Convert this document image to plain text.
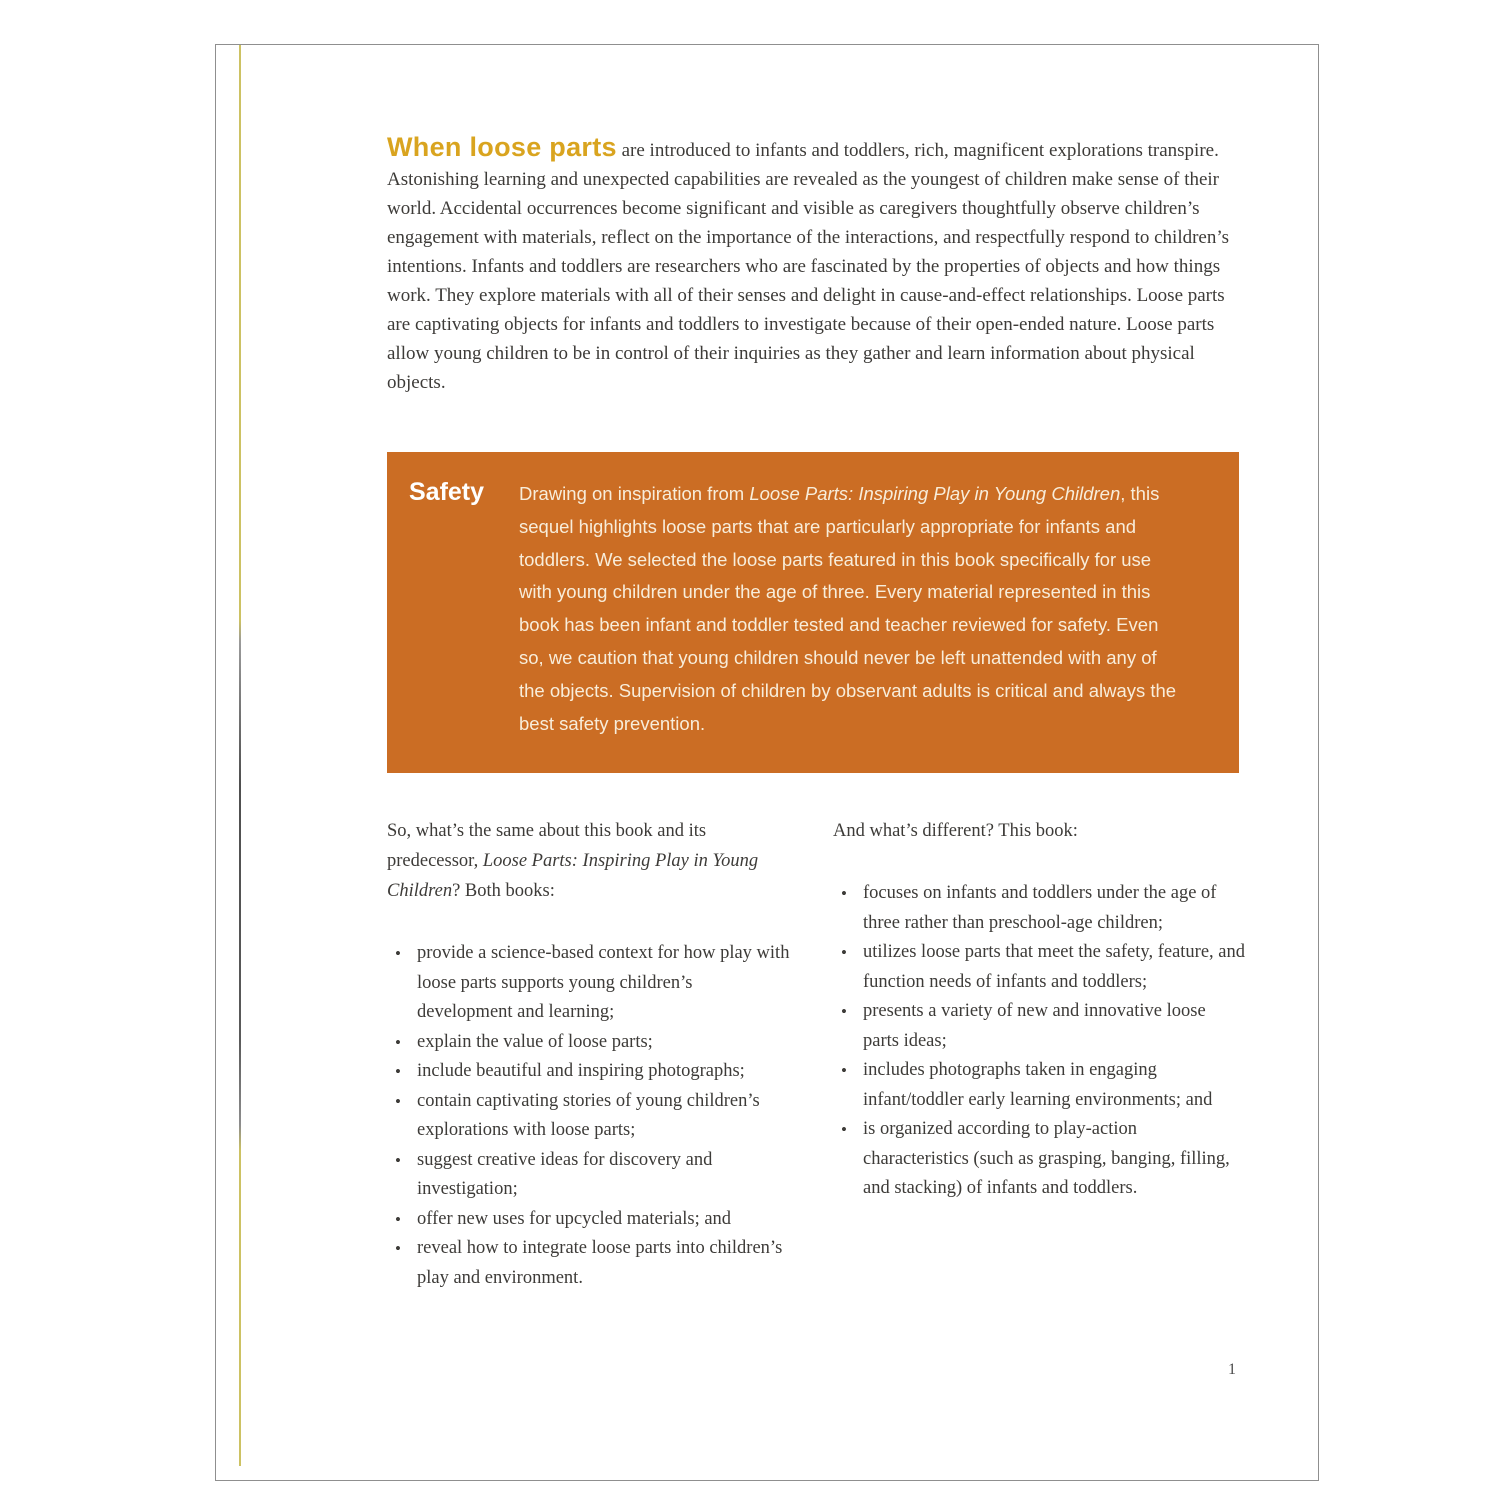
When loose parts are introduced to infants and toddlers, rich, magnificent explorations transpire. Astonishing learning and unexpected capabilities are revealed as the youngest of children make sense of their world. Accidental occurrences become significant and visible as caregivers thoughtfully observe children’s engagement with materials, reflect on the importance of the interactions, and respectfully respond to children’s intentions. Infants and toddlers are researchers who are fascinated by the properties of objects and how things work. They explore materials with all of their senses and delight in cause-and-effect relationships. Loose parts are captivating objects for infants and toddlers to investigate because of their open-ended nature. Loose parts allow young children to be in control of their inquiries as they gather and learn information about physical objects.

Safety	Drawing on inspiration from Loose Parts: Inspiring Play in Young Children, this sequel highlights loose parts that are particularly appropriate for infants and toddlers. We selected the loose parts featured in this book specifically for use with young children under the age of three. Every material represented in this book has been infant and toddler tested and teacher reviewed for safety. Even so, we caution that young children should never be left unattended with any of the objects. Supervision of children by observant adults is critical and always the best safety prevention.

So, what’s the same about this book and its predecessor, Loose Parts: Inspiring Play in Young Children? Both books:

• provide a science-based context for how play with loose parts supports young children’s development and learning;
• explain the value of loose parts;
• include beautiful and inspiring photographs;
• contain captivating stories of young children’s explorations with loose parts;
• suggest creative ideas for discovery and investigation;
• offer new uses for upcycled materials; and
• reveal how to integrate loose parts into children’s play and environment.

And what’s different? This book:

• focuses on infants and toddlers under the age of three rather than preschool-age children;
• utilizes loose parts that meet the safety, feature, and function needs of infants and toddlers;
• presents a variety of new and innovative loose parts ideas;
• includes photographs taken in engaging infant/toddler early learning environments; and
• is organized according to play-action characteristics (such as grasping, banging, filling, and stacking) of infants and toddlers.
1
